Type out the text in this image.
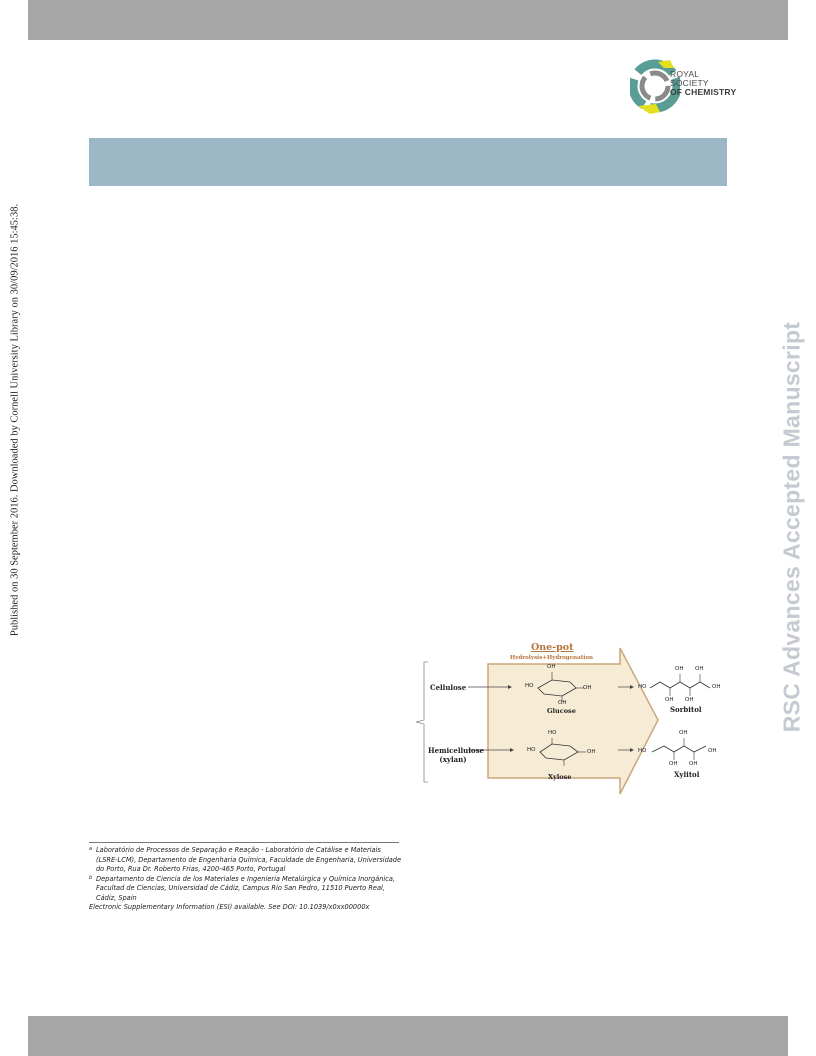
ROYAL SOCIETY
OF CHEMISTRY
Published on 30 September 2016. Downloaded by Cornell University Library on 30/09/2016 15:45:38.	RSC Advances Accepted Manuscript
One-pot
Hydrolysis+Hydrogenation
Cellulose
Hemicellulose
(xylan)
Glucose
Xylose
Sorbitol
Xylitol
OH
HO	OH
OH
HO
HO	OH
HO
OH OH
OH
OH OH
HO
OH
OH
OH OH
a Laboratório de Processos de Separação e Reação - Laboratório de Catálise e Materiais (LSRE-LCM), Departamento de Engenharia Química, Faculdade de Engenharia, Universidade do Porto, Rua Dr. Roberto Frias, 4200-465 Porto, Portugal
b Departamento de Ciencia de los Materiales e Ingenieria Metalúrgica y Química Inorgánica, Facultad de Ciencias, Universidad de Cádiz, Campus Rio San Pedro, 11510 Puerto Real, Cádiz, Spain
Electronic Supplementary Information (ESI) available. See DOI: 10.1039/x0xx00000x
